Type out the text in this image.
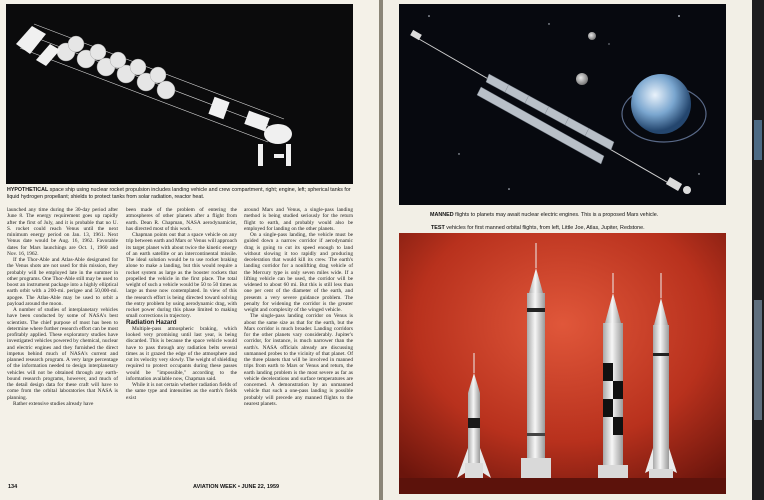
HYPOTHETICAL space ship using nuclear rocket propulsion includes landing vehicle and crew compartment, right; engine, left; spherical tanks for liquid hydrogen propellant; shields to protect tanks from solar radiation, reactor heat.

launched any time during the 30-day period after June 8. The energy requirement goes up rapidly after the first of July, and it is probable that no U. S. rocket could reach Venus until the next minimum energy period on Jan. 13, 1961. Next Venus date would be Aug. 16, 1962. Favorable dates for Mars launchings are Oct. 1, 1960 and Nov. 16, 1962.

If the Thor-Able and Atlas-Able designated for the Venus shots are not used for this mission, they probably will be employed late in the summer in other programs. One Thor-Able still may be used to boost an instrument package into a highly elliptical earth orbit with a 200-mi. perigee and 50,000-mi. apogee. The Atlas-Able may be used to orbit a payload around the moon.

A number of studies of interplanetary vehicles have been conducted by some of NASA's best scientists. The chief purpose of most has been to determine where further research effort can be most profitably applied. These exploratory studies have investigated vehicles powered by chemical, nuclear and electric engines and they furnished the direct impetus behind much of NASA's current and planned research program. A very large percentage of the information needed to design interplanetary vehicles will not be obtained through any earth-bound research programs, however, and much of the detail design data for these craft will have to come from the orbital laboratories that NASA is planning.

Rather extensive studies already have

been made of the problem of entering the atmospheres of other planets after a flight from earth. Dean R. Chapman, NASA aerodynamicist, has directed most of this work.

Chapman points out that a space vehicle on any trip between earth and Mars or Venus will approach its target planet with about twice the kinetic energy of an earth satellite or an intercontinental missile. The ideal solution would be to use rocket braking alone to make a landing, but this would require a rocket system as large as the booster rockets that propelled the vehicle in the first place. The total weight of such a vehicle would be 50 to 50 times as large as those now contemplated. In view of this the research effort is being directed toward solving the entry problem by using aerodynamic drag, with rocket power during this phase limited to making small corrections in trajectory.

Radiation Hazard

Multiple-pass atmospheric braking, which looked very promising until last year, is being discarded. This is because the space vehicle would have to pass through any radiation belts several times as it grazed the edge of the atmosphere and cut its velocity very slowly. The weight of shielding required to protect occupants during these passes would be "impossible," according to the information available now, Chapman said.

While it is not certain whether radiation fields of the same type and intensities as the earth's fields exist

around Mars and Venus, a single-pass landing method is being studied seriously for the return flight to earth, and probably would also be employed for landing on the other planets.

On a single-pass landing, the vehicle must be guided down a narrow corridor if aerodynamic drag is going to cut its speed enough to land without slowing it too rapidly and producing deceleration that would kill its crew. The earth's landing corridor for a nonlifting drag vehicle of the Mercury type is only seven miles wide. If a lifting vehicle can be used, the corridor will be widened to about 60 mi. But this is still less than one per cent of the diameter of the earth, and presents a very severe guidance problem. The penalty for widening the corridor is the greater weight and complexity of the winged vehicle.

The single-pass landing corridor on Venus is about the same size as that for the earth, but the Mars corridor is much broader. Landing corridors for the other planets vary considerably. Jupiter's corridor, for instance, is much narrower than the earth's. NASA officials already are discussing unmanned probes to the vicinity of that planet. Of the three planets that will be involved in manned trips from earth to Mars or Venus and return, the earth landing problem is the most severe as far as vehicle decelerations and surface temperatures are concerned. A demonstration by an unmanned vehicle that such a one-pass landing is possible probably will precede any manned flights to the nearest planets.

134	AVIATION WEEK • JUNE 22, 1959
MANNED flights to planets may await nuclear electric engines. This is a proposed Mars vehicle.
TEST vehicles for first manned orbital flights, from left, Little Joe, Atlas, Jupiter, Redstone.
